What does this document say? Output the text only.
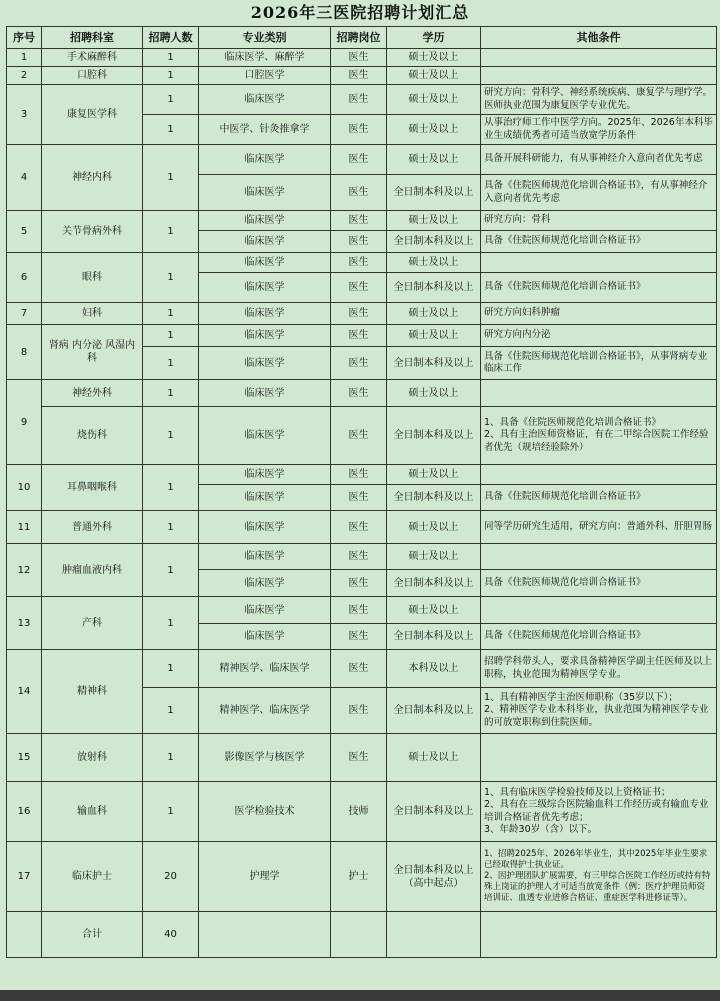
2026年三医院招聘计划汇总
序号	招聘科室	招聘人数	专业类别	招聘岗位	学历	其他条件
1	手术麻醉科	1	临床医学、麻醉学	医生	硕士及以上	
2	口腔科	1	口腔医学	医生	硕士及以上	
3	康复医学科	1	临床医学	医生	硕士及以上	研究方向：骨科学、神经系统疾病、康复学与理疗学。医师执业范围为康复医学专业优先。
		1	中医学、针灸推拿学	医生	硕士及以上	从事治疗师工作中医学方向。2025年、2026年本科毕业生成绩优秀者可适当放宽学历条件
4	神经内科	1	临床医学	医生	硕士及以上	具备开展科研能力，有从事神经介入意向者优先考虑
			临床医学	医生	全日制本科及以上	具备《住院医师规范化培训合格证书》，有从事神经介入意向者优先考虑
5	关节骨病外科	1	临床医学	医生	硕士及以上	研究方向：骨科
			临床医学	医生	全日制本科及以上	具备《住院医师规范化培训合格证书》
6	眼科	1	临床医学	医生	硕士及以上	
			临床医学	医生	全日制本科及以上	具备《住院医师规范化培训合格证书》
7	妇科	1	临床医学	医生	硕士及以上	研究方向妇科肿瘤
8	肾病 内分泌 风湿内科	1	临床医学	医生	硕士及以上	研究方向内分泌
		1	临床医学	医生	全日制本科及以上	具备《住院医师规范化培训合格证书》，从事肾病专业临床工作
9	神经外科	1	临床医学	医生	硕士及以上	
	烧伤科	1	临床医学	医生	全日制本科及以上	1、具备《住院医师规范化培训合格证书》
2、具有主治医师资格证，有在二甲综合医院工作经验者优先（规培经验除外）
10	耳鼻咽喉科	1	临床医学	医生	硕士及以上	
			临床医学	医生	全日制本科及以上	具备《住院医师规范化培训合格证书》
11	普通外科	1	临床医学	医生	硕士及以上	同等学历研究生适用，研究方向：普通外科、肝胆胃肠
12	肿瘤血液内科	1	临床医学	医生	硕士及以上	
			临床医学	医生	全日制本科及以上	具备《住院医师规范化培训合格证书》
13	产科	1	临床医学	医生	硕士及以上	
			临床医学	医生	全日制本科及以上	具备《住院医师规范化培训合格证书》
14	精神科	1	精神医学、临床医学	医生	本科及以上	招聘学科带头人，要求具备精神医学副主任医师及以上职称，执业范围为精神医学专业。
		1	精神医学、临床医学	医生	全日制本科及以上	1、具有精神医学主治医师职称（35岁以下）；
2、精神医学专业本科毕业，执业范围为精神医学专业的可放宽职称到住院医师。
15	放射科	1	影像医学与核医学	医生	硕士及以上	
16	输血科	1	医学检验技术	技师	全日制本科及以上	1、具有临床医学检验技师及以上资格证书；
2、具有在三级综合医院输血科工作经历或有输血专业培训合格证者优先考虑；
3、年龄30岁（含）以下。
17	临床护士	20	护理学	护士	全日制本科及以上（高中起点）	1、招聘2025年、2026年毕业生，其中2025年毕业生要求已经取得护士执业证。
2、因护理团队扩展需要，有三甲综合医院工作经历或持有特殊上岗证的护理人才可适当放宽条件（例：医疗护理员师资培训证、血透专业进修合格证、重症医学科进修证等）。
	合计	40				
